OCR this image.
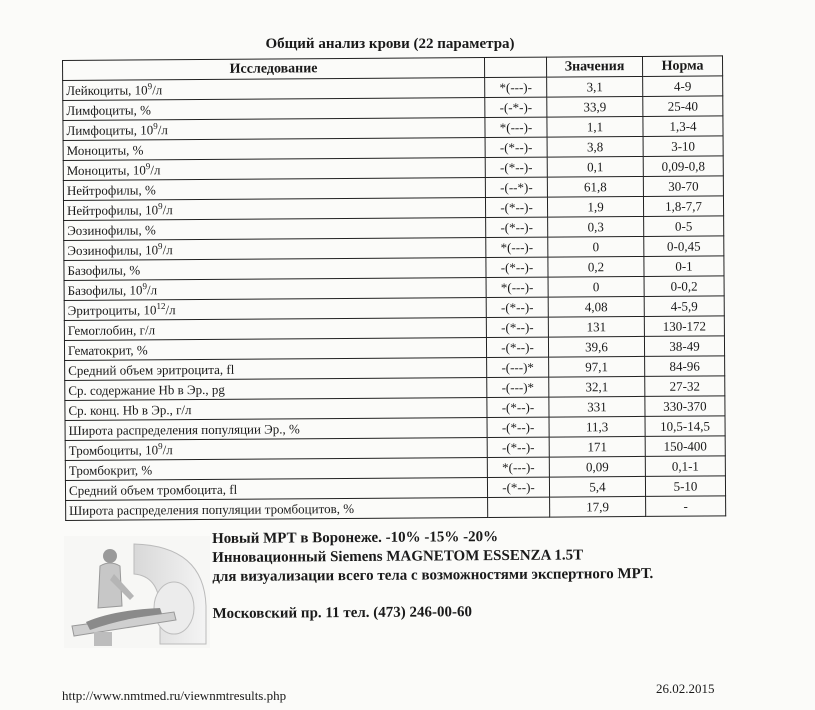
Общий анализ крови (22 параметра)
Исследование		Значения	Норма
Лейкоциты, $10^9/л$	*(---)-	3,1	4-9
Лимфоциты, %	-(-*-)-	33,9	25-40
Лимфоциты, $10^9/л$	*(---)-	1,1	1,3-4
Моноциты, %	-(*--)-	3,8	3-10
Моноциты, $10^9/л$	-(*--)-	0,1	0,09-0,8
Нейтрофилы, %	-(--*)-	61,8	30-70
Нейтрофилы, $10^9/л$	-(*--)-	1,9	1,8-7,7
Эозинофилы, %	-(*--)-	0,3	0-5
Эозинофилы, $10^9/л$	*(---)-	0	0-0,45
Базофилы, %	-(*--)-	0,2	0-1
Базофилы, $10^9/л$	*(---)-	0	0-0,2
Эритроциты, $10^{12}/л$	-(*--)-	4,08	4-5,9
Гемоглобин, г/л	-(*--)-	131	130-172
Гематокрит, %	-(*--)-	39,6	38-49
Средний объем эритроцита, fl	-(---)*	97,1	84-96
Ср. содержание Hb в Эр., pg	-(---)*	32,1	27-32
Ср. конц. Hb в Эр., г/л	-(*--)-	331	330-370
Широта распределения популяции Эр., %	-(*--)-	11,3	10,5-14,5
Тромбоциты, $10^9/л$	-(*--)-	171	150-400
Тромбокрит, %	*(---)-	0,09	0,1-1
Средний объем тромбоцита, fl	-(*--)-	5,4	5-10
Широта распределения популяции тромбоцитов, %		17,9	-
Новый МРТ в Воронеже. -10% -15% -20%
Инновационный Siemens MAGNETOM ESSENZA 1.5T
для визуализации всего тела с возможностями экспертного МРТ.
Московский пр. 11 тел. (473) 246-00-60
http://www.nmtmed.ru/viewnmtresults.php	26.02.2015
